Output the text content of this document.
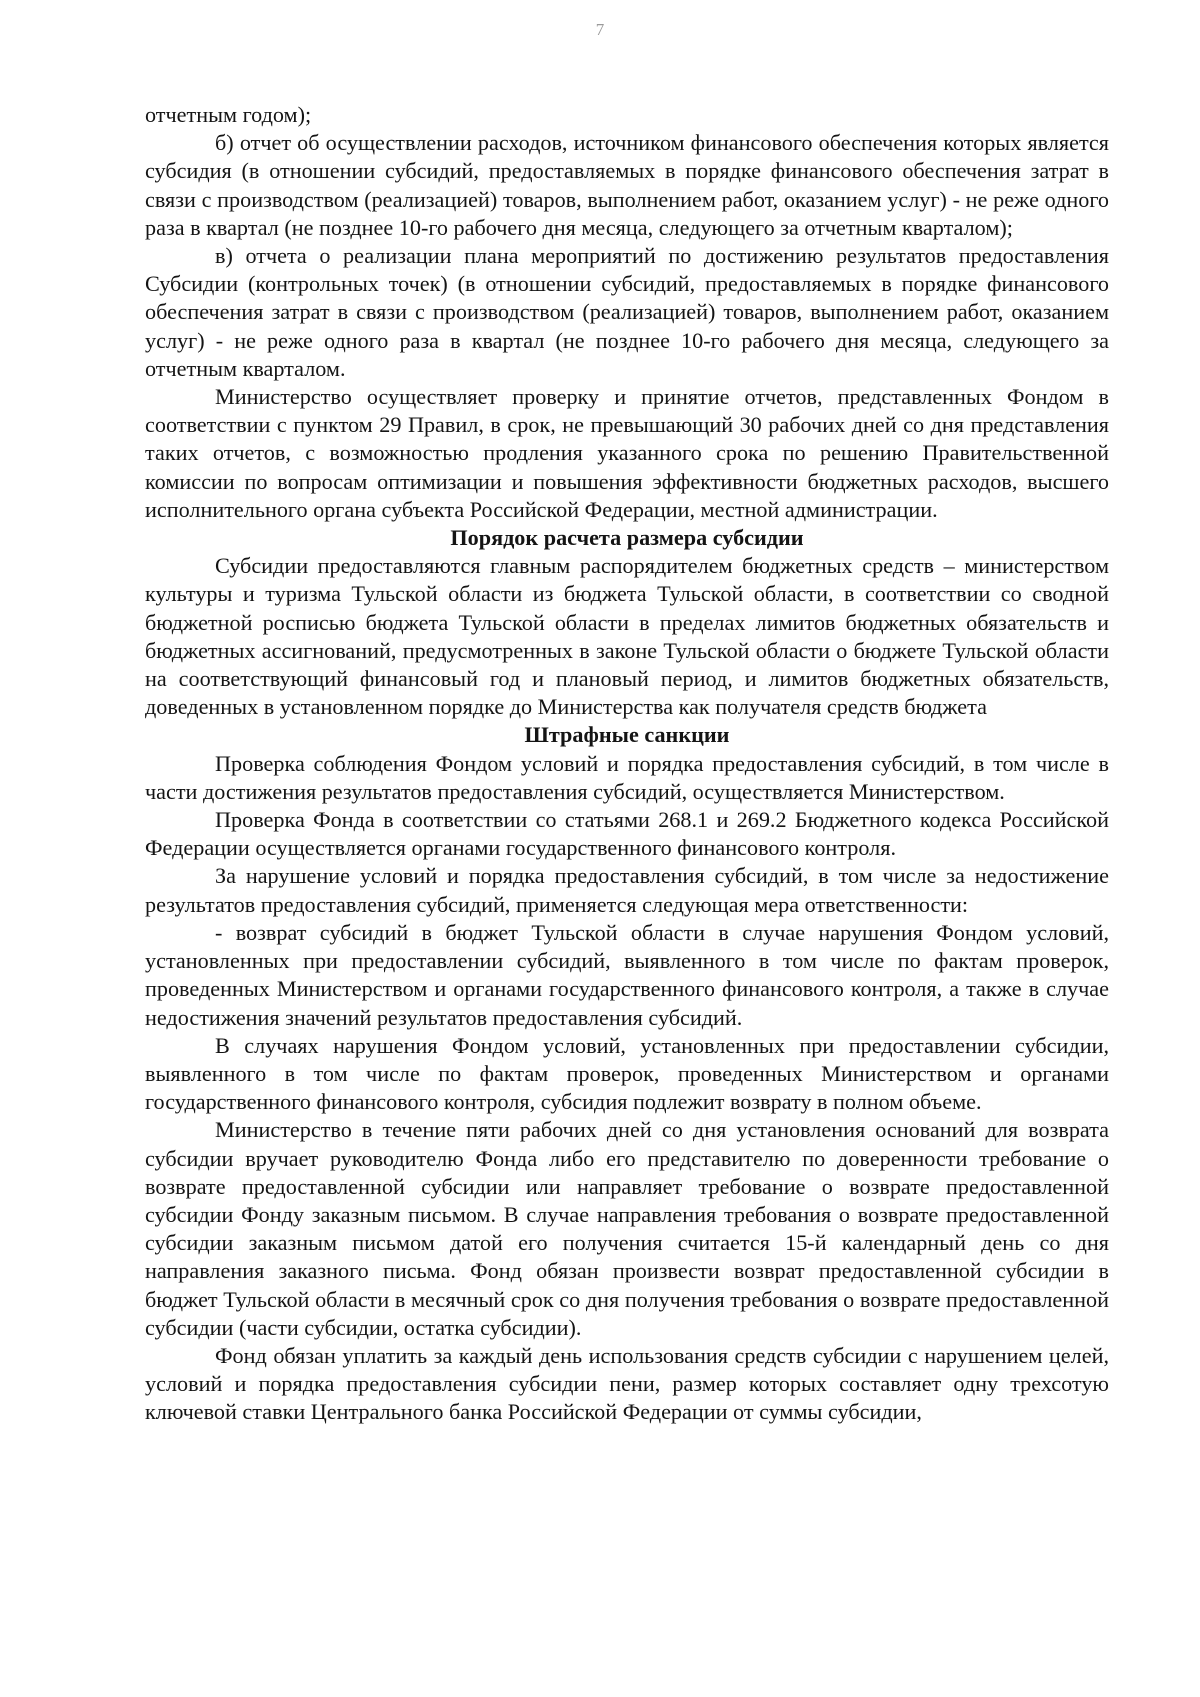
7

отчетным годом);

б) отчет об осуществлении расходов, источником финансового обеспечения которых является субсидия (в отношении субсидий, предоставляемых в порядке финансового обеспечения затрат в связи с производством (реализацией) товаров, выполнением работ, оказанием услуг) - не реже одного раза в квартал (не позднее 10-го рабочего дня месяца, следующего за отчетным кварталом);

в) отчета о реализации плана мероприятий по достижению результатов предоставления Субсидии (контрольных точек) (в отношении субсидий, предоставляемых в порядке финансового обеспечения затрат в связи с производством (реализацией) товаров, выполнением работ, оказанием услуг) - не реже одного раза в квартал (не позднее 10-го рабочего дня месяца, следующего за отчетным кварталом.

Министерство осуществляет проверку и принятие отчетов, представленных Фондом в соответствии с пунктом 29 Правил, в срок, не превышающий 30 рабочих дней со дня представления таких отчетов, с возможностью продления указанного срока по решению Правительственной комиссии по вопросам оптимизации и повышения эффективности бюджетных расходов, высшего исполнительного органа субъекта Российской Федерации, местной администрации.

Порядок расчета размера субсидии

Субсидии предоставляются главным распорядителем бюджетных средств – министерством культуры и туризма Тульской области из бюджета Тульской области, в соответствии со сводной бюджетной росписью бюджета Тульской области в пределах лимитов бюджетных обязательств и бюджетных ассигнований, предусмотренных в законе Тульской области о бюджете Тульской области на соответствующий финансовый год и плановый период, и лимитов бюджетных обязательств, доведенных в установленном порядке до Министерства как получателя средств бюджета

Штрафные санкции

Проверка соблюдения Фондом условий и порядка предоставления субсидий, в том числе в части достижения результатов предоставления субсидий, осуществляется Министерством.

Проверка Фонда в соответствии со статьями 268.1 и 269.2 Бюджетного кодекса Российской Федерации осуществляется органами государственного финансового контроля.

За нарушение условий и порядка предоставления субсидий, в том числе за недостижение результатов предоставления субсидий, применяется следующая мера ответственности:

- возврат субсидий в бюджет Тульской области в случае нарушения Фондом условий, установленных при предоставлении субсидий, выявленного в том числе по фактам проверок, проведенных Министерством и органами государственного финансового контроля, а также в случае недостижения значений результатов предоставления субсидий.

В случаях нарушения Фондом условий, установленных при предоставлении субсидии, выявленного в том числе по фактам проверок, проведенных Министерством и органами государственного финансового контроля, субсидия подлежит возврату в полном объеме.

Министерство в течение пяти рабочих дней со дня установления оснований для возврата субсидии вручает руководителю Фонда либо его представителю по доверенности требование о возврате предоставленной субсидии или направляет требование о возврате предоставленной субсидии Фонду заказным письмом. В случае направления требования о возврате предоставленной субсидии заказным письмом датой его получения считается 15-й календарный день со дня направления заказного письма. Фонд обязан произвести возврат предоставленной субсидии в бюджет Тульской области в месячный срок со дня получения требования о возврате предоставленной субсидии (части субсидии, остатка субсидии).

Фонд обязан уплатить за каждый день использования средств субсидии с нарушением целей, условий и порядка предоставления субсидии пени, размер которых составляет одну трехсотую ключевой ставки Центрального банка Российской Федерации от суммы субсидии,
